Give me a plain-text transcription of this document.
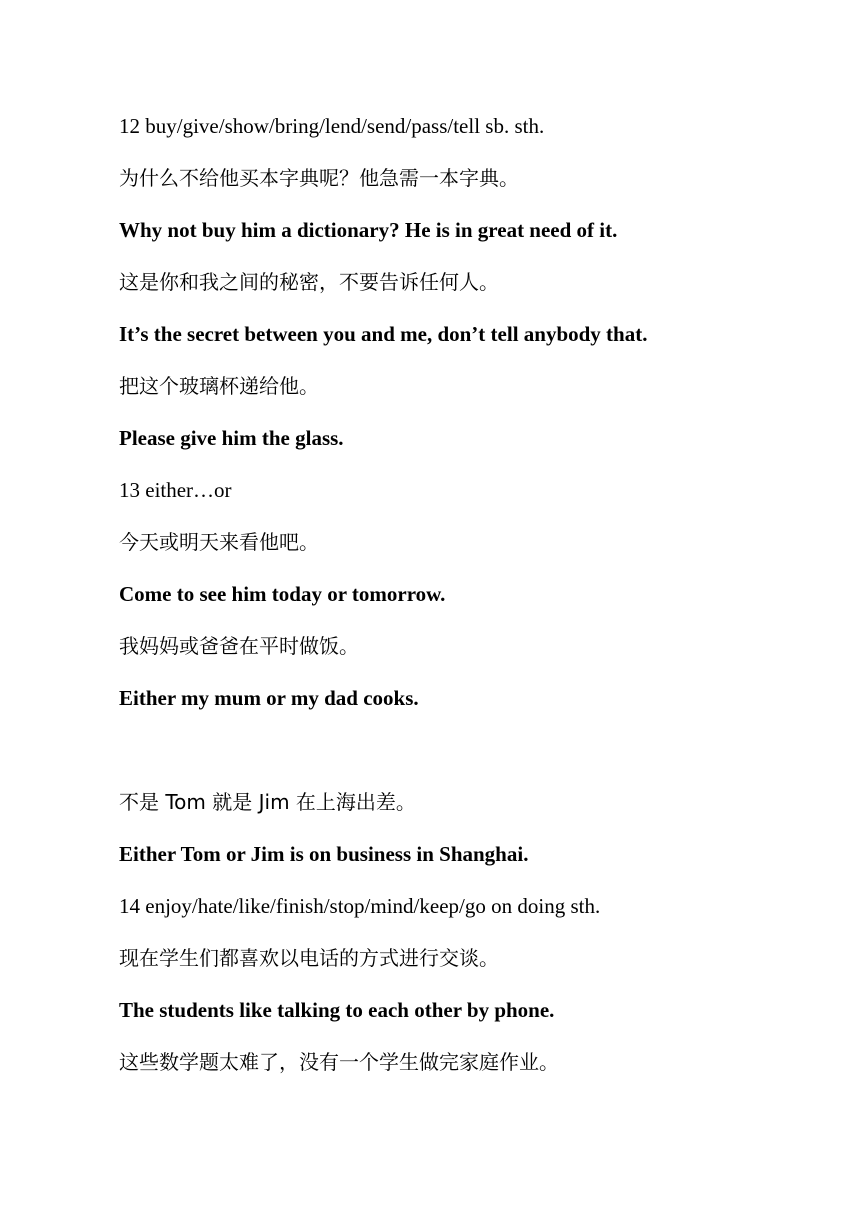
12 buy/give/show/bring/lend/send/pass/tell sb. sth.
为什么不给他买本字典呢？他急需一本字典。
Why not buy him a dictionary? He is in great need of it.
这是你和我之间的秘密，不要告诉任何人。
It’s the secret between you and me, don’t tell anybody that.
把这个玻璃杯递给他。
Please give him the glass.
13 either…or
今天或明天来看他吧。
Come to see him today or tomorrow.
我妈妈或爸爸在平时做饭。
Either my mum or my dad cooks.
不是 Tom 就是 Jim 在上海出差。
Either Tom or Jim is on business in Shanghai.
14 enjoy/hate/like/finish/stop/mind/keep/go on doing sth.
现在学生们都喜欢以电话的方式进行交谈。
The students like talking to each other by phone.
这些数学题太难了，没有一个学生做完家庭作业。
